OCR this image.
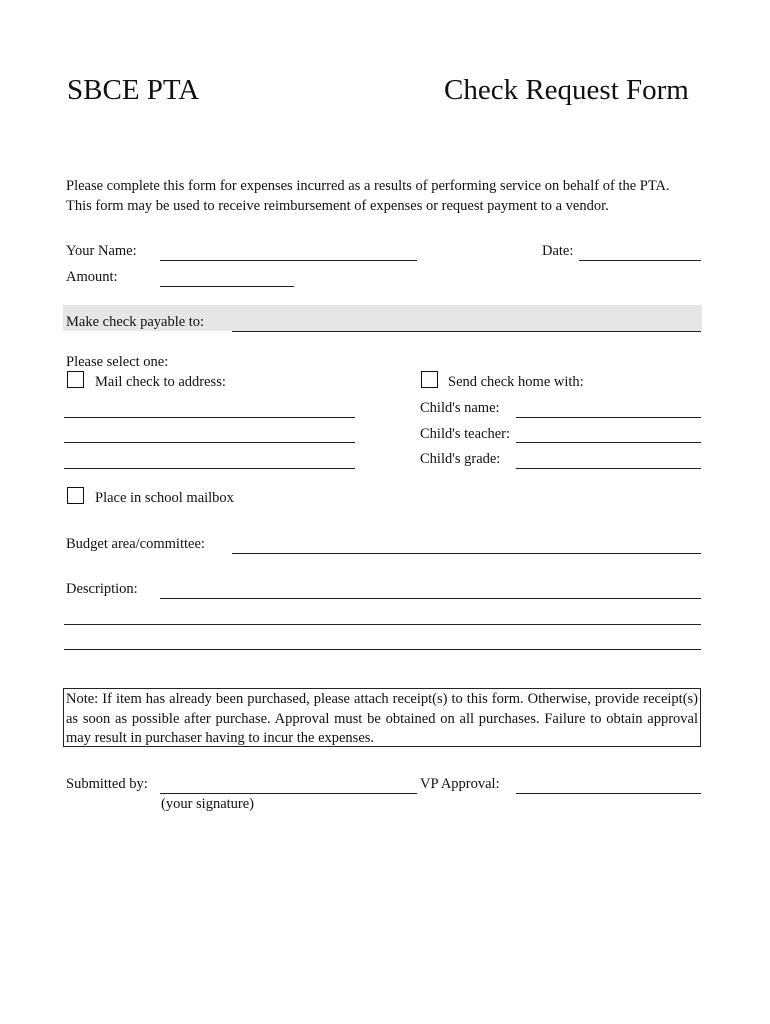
SBCE PTA	Check Request Form
Please complete this form for expenses incurred as a results of performing service on behalf of the PTA.
This form may be used to receive reimbursement of expenses or request payment to a vendor.
Your Name:	Date:
Amount:
Make check payable to:
Please select one:
Mail check to address:	Send check home with:
Child's name:
Child's teacher:
Child's grade:
Place in school mailbox
Budget area/committee:
Description:
Note: If item has already been purchased, please attach receipt(s) to this form. Otherwise, provide receipt(s) as soon as possible after purchase. Approval must be obtained on all purchases. Failure to obtain approval may result in purchaser having to incur the expenses.
Submitted by:
(your signature)
VP Approval:
